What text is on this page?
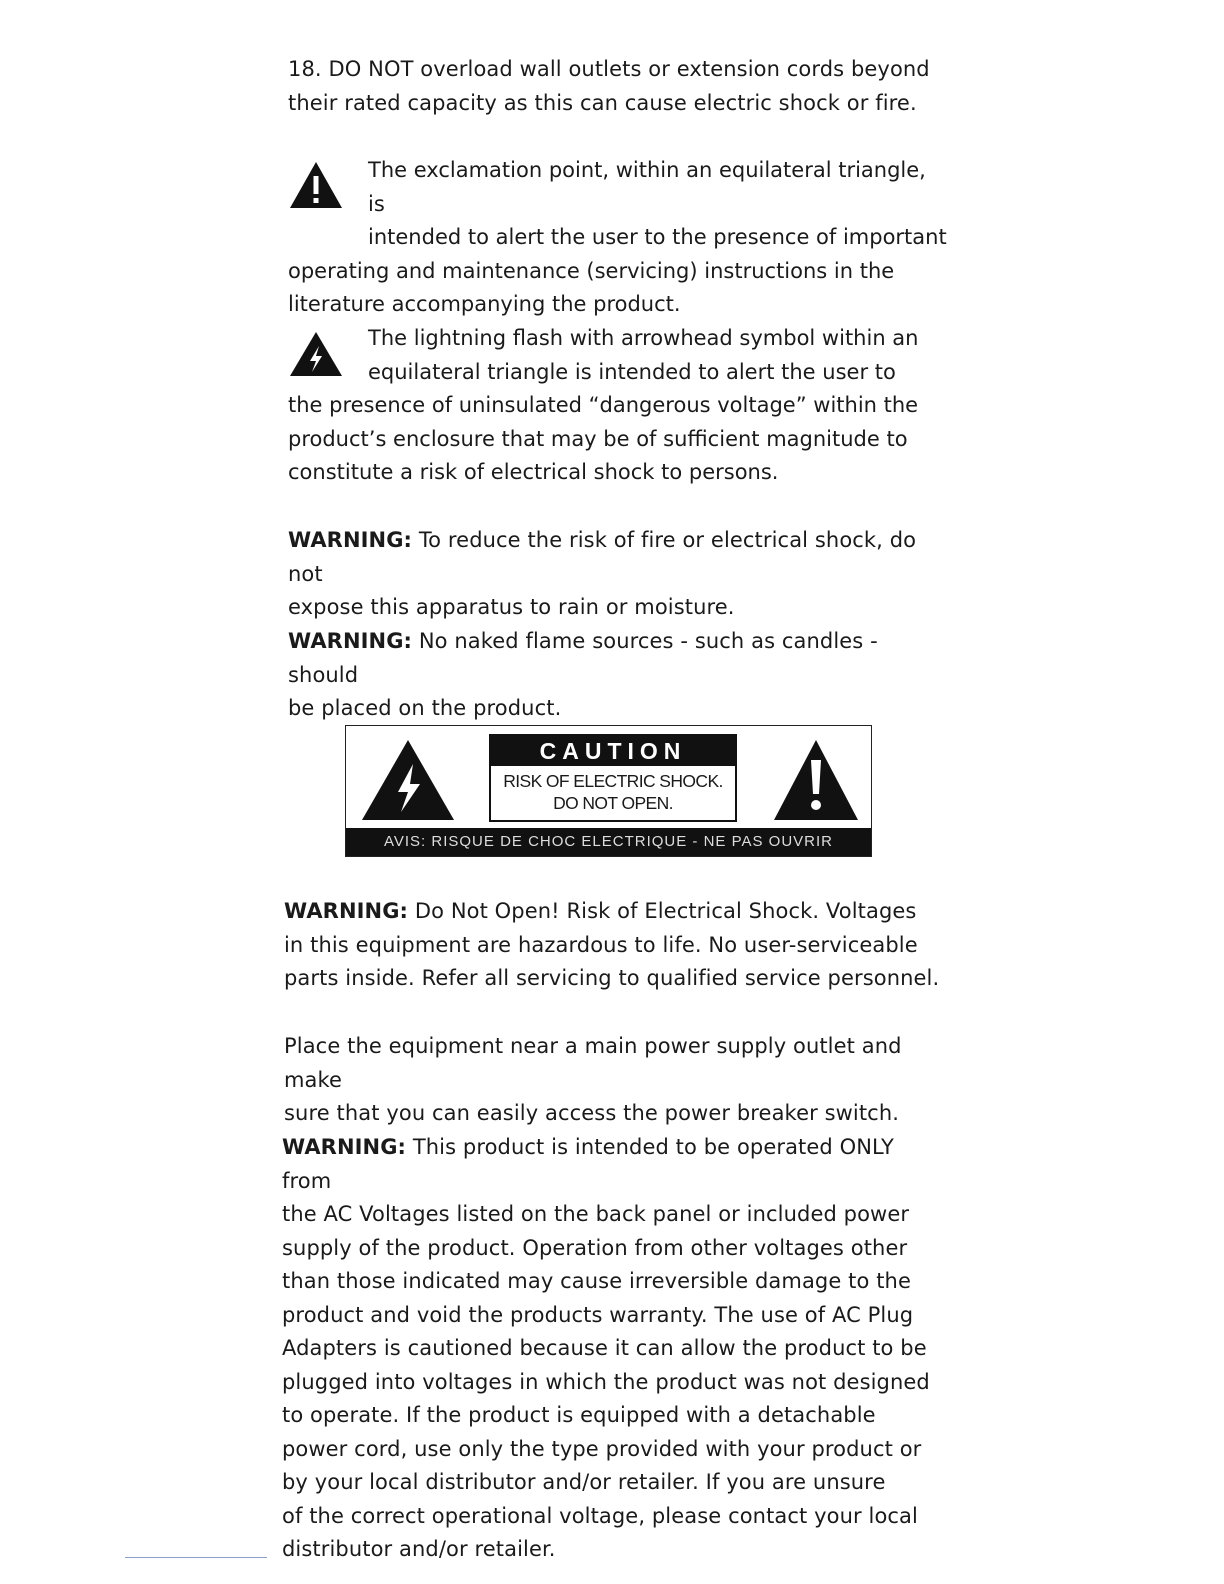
18. DO NOT overload wall outlets or extension cords beyond
their rated capacity as this can cause electric shock or fire.
The exclamation point, within an equilateral triangle, is
intended to alert the user to the presence of important
operating and maintenance (servicing) instructions in the
literature accompanying the product.
The lightning flash with arrowhead symbol within an
equilateral triangle is intended to alert the user to
the presence of uninsulated “dangerous voltage” within the
product’s enclosure that may be of sufficient magnitude to
constitute a risk of electrical shock to persons.
WARNING: To reduce the risk of fire or electrical shock, do not
expose this apparatus to rain or moisture.
WARNING: No naked flame sources - such as candles - should
be placed on the product.
CAUTION
RISK OF ELECTRIC SHOCK.
DO NOT OPEN.
AVIS: RISQUE DE CHOC ELECTRIQUE - NE PAS OUVRIR
WARNING: Do Not Open! Risk of Electrical Shock. Voltages
in this equipment are hazardous to life. No user-serviceable
parts inside. Refer all servicing to qualified service personnel.
Place the equipment near a main power supply outlet and make
sure that you can easily access the power breaker switch.
WARNING: This product is intended to be operated ONLY from
the AC Voltages listed on the back panel or included power
supply of the product. Operation from other voltages other
than those indicated may cause irreversible damage to the
product and void the products warranty. The use of AC Plug
Adapters is cautioned because it can allow the product to be
plugged into voltages in which the product was not designed
to operate. If the product is equipped with a detachable
power cord, use only the type provided with your product or
by your local distributor and/or retailer. If you are unsure
of the correct operational voltage, please contact your local
distributor and/or retailer.
